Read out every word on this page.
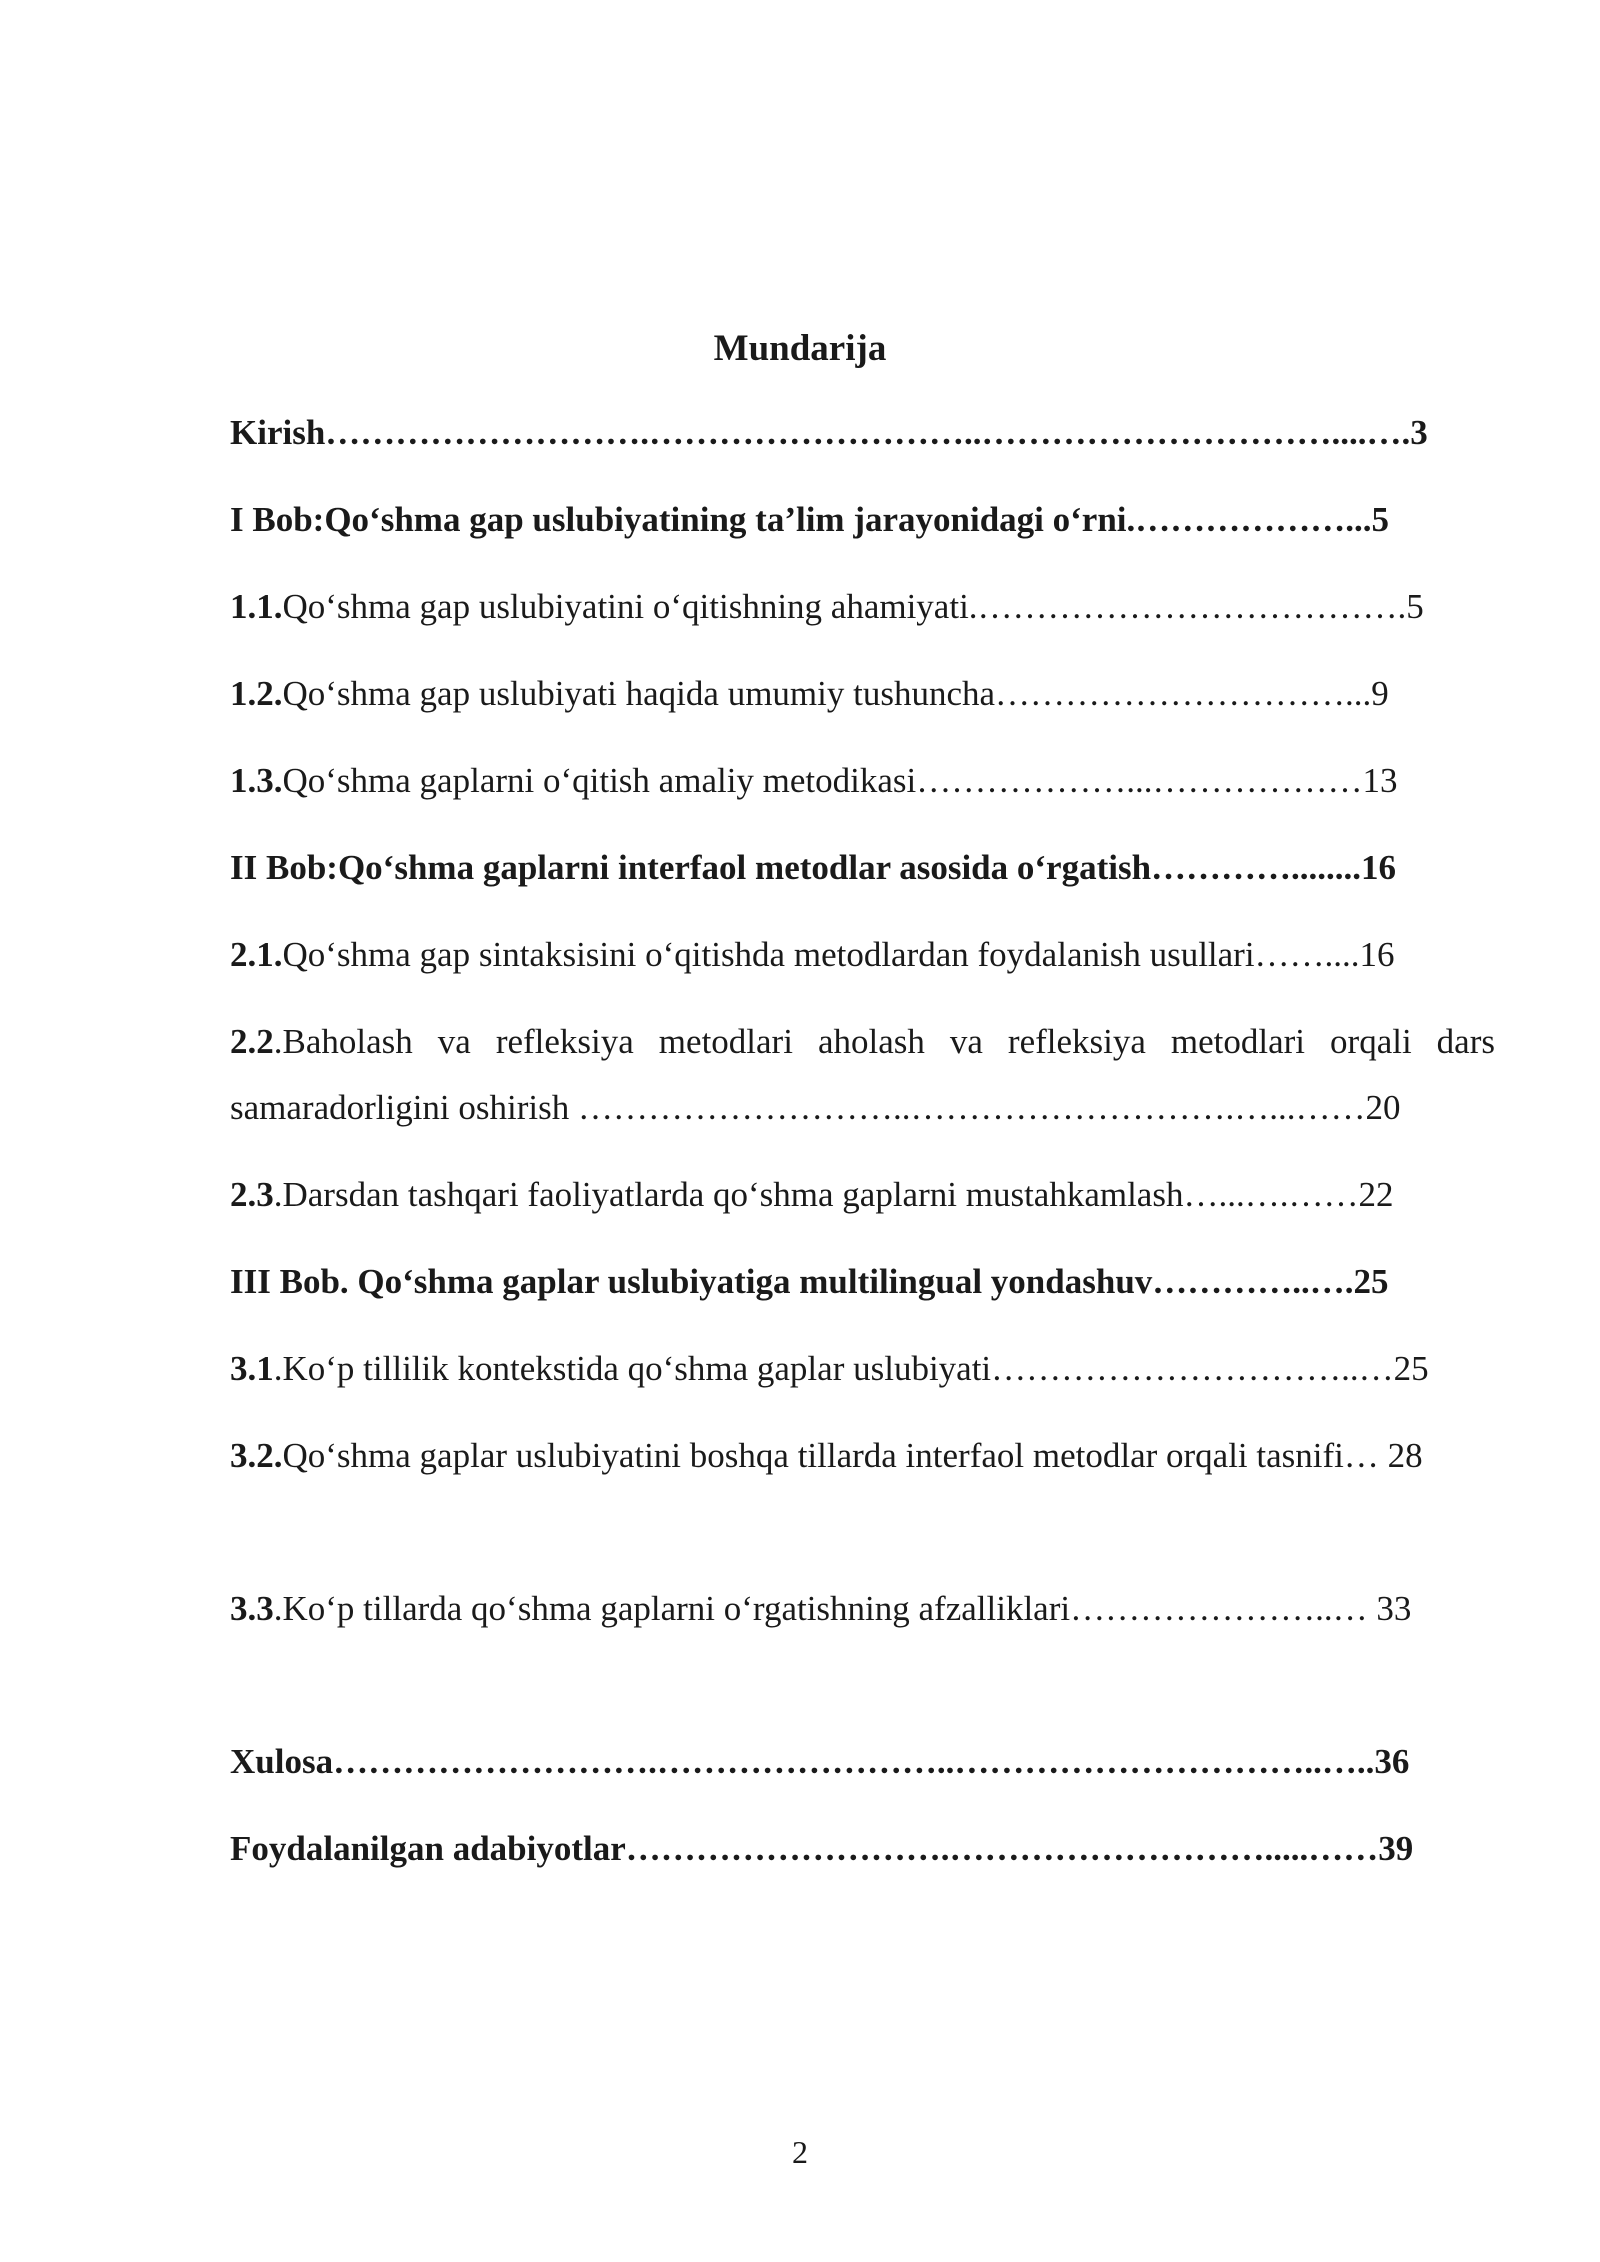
Mundarija
Kirish……………………….………………………..…………………………....….3
I Bob:Qo‘shma gap uslubiyatining ta’lim jarayonidagi o‘rni.………………...5
1.1.Qo‘shma gap uslubiyatini o‘qitishning ahamiyati.……………………………….5
1.2.Qo‘shma gap uslubiyati haqida umumiy tushuncha…………………………...9
1.3.Qo‘shma gaplarni o‘qitish amaliy metodikasi………………...………………13
II Bob:Qo‘shma gaplarni interfaol metodlar asosida o‘rgatish…………........16
2.1.Qo‘shma gap sintaksisini o‘qitishda metodlardan foydalanish usullari……....16
2.2.Baholash va refleksiya metodlari aholash va refleksiya metodlari orqali dars samaradorligini oshirish ………………………..……………………….…...……20
2.3.Darsdan tashqari faoliyatlarda qo‘shma gaplarni mustahkamlash…...….……22
III Bob. Qo‘shma gaplar uslubiyatiga multilingual yondashuv…………..….25
3.1.Ko‘p tillilik kontekstida qo‘shma gaplar uslubiyati…………………………..…25
3.2.Qo‘shma gaplar uslubiyatini boshqa tillarda interfaol metodlar orqali tasnifi… 28
3.3.Ko‘p tillarda qo‘shma gaplarni o‘rgatishning afzalliklari…………………..… 33
Xulosa……………………….……………………..…………………………..…..36
Foydalanilgan adabiyotlar……………………….……………………….....……39
2
